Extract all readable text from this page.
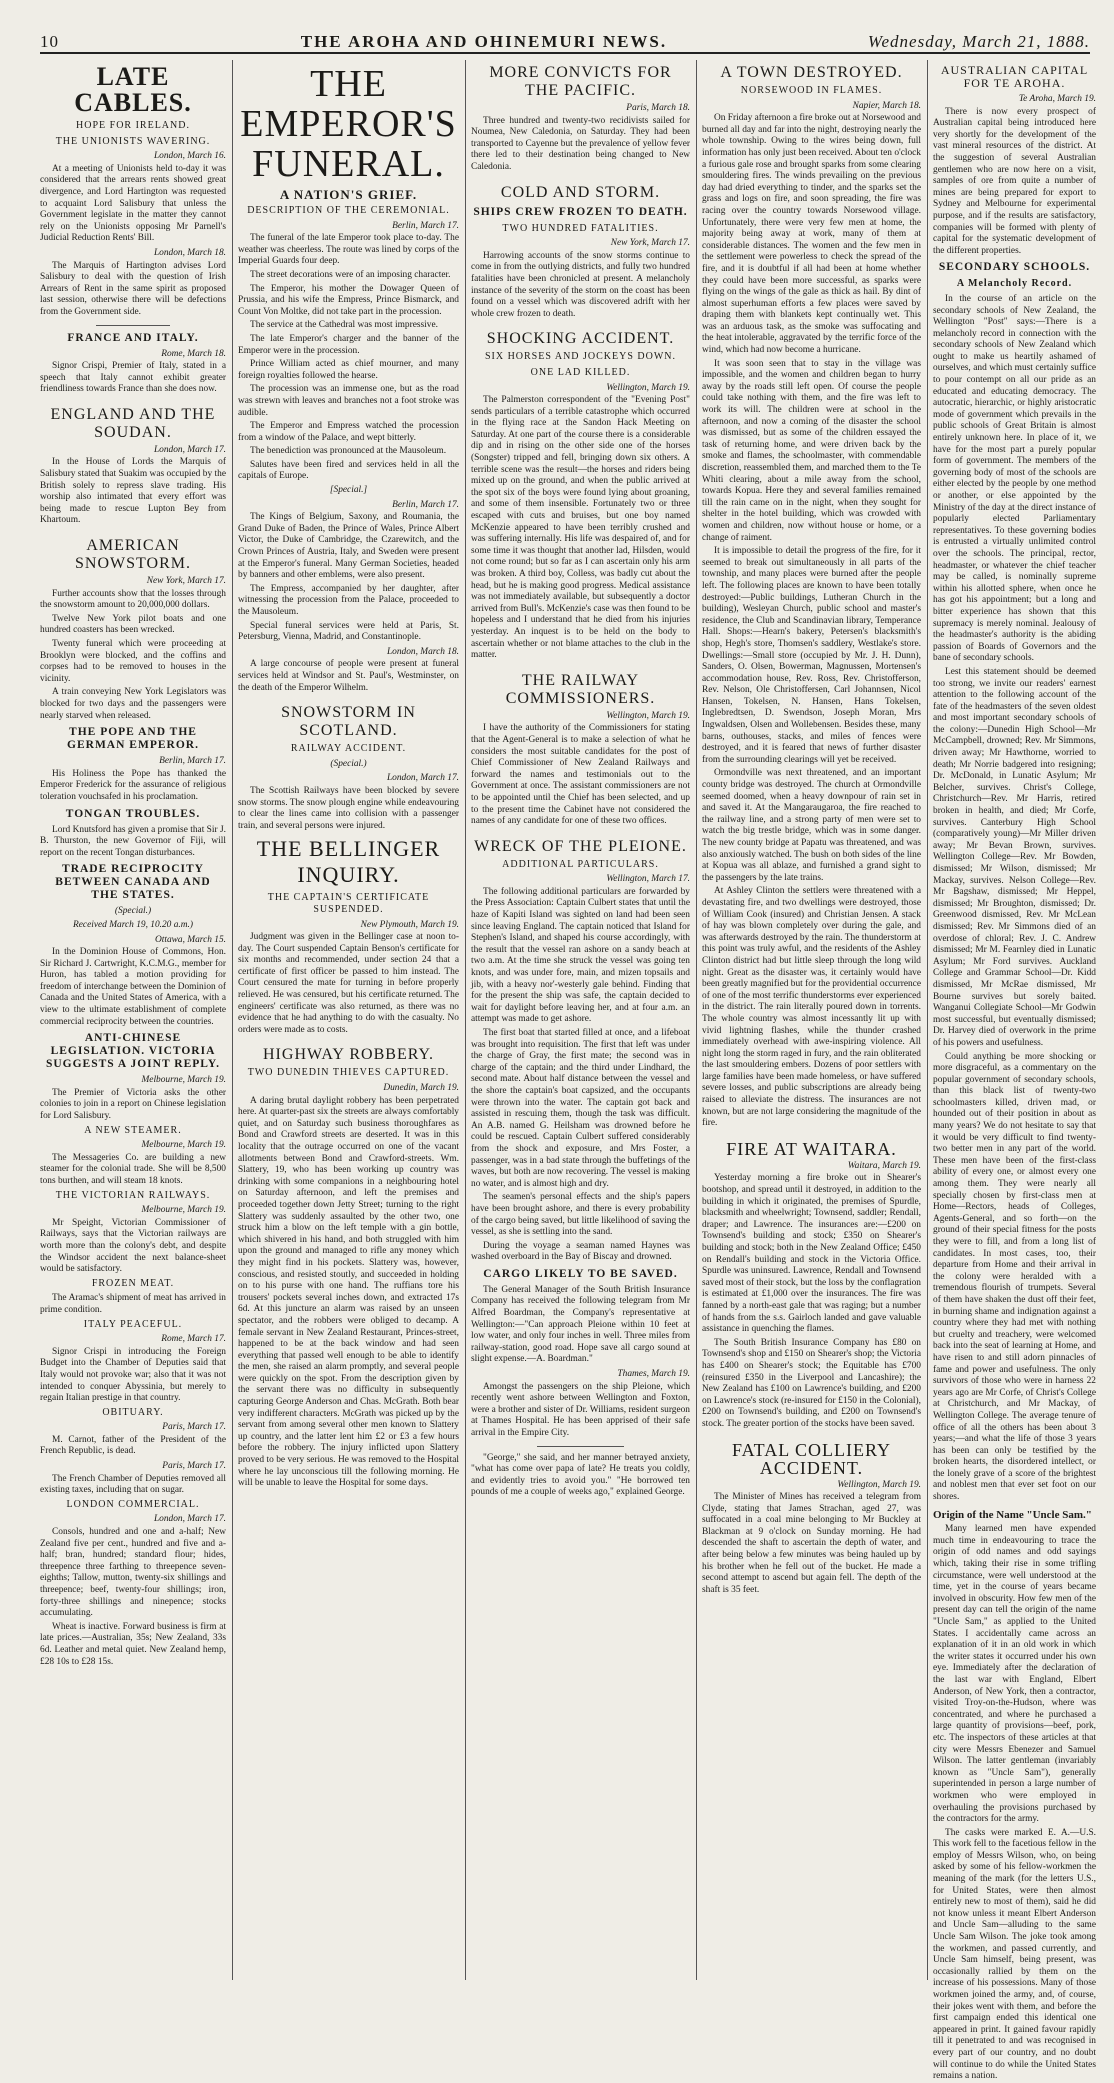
10	THE AROHA AND OHINEMURI NEWS.	Wednesday, March 21, 1888.
LATE CABLES.
HOPE FOR IRELAND.
THE UNIONISTS WAVERING.
London, March 16.

At a meeting of Unionists held to-day it was considered that the arrears rents showed great divergence, and Lord Hartington was requested to acquaint Lord Salisbury that unless the Government legislate in the matter they cannot rely on the Unionists opposing Mr Parnell's Judicial Reduction Rents' Bill.

London, March 18.

The Marquis of Hartington advises Lord Salisbury to deal with the question of Irish Arrears of Rent in the same spirit as proposed last session, otherwise there will be defections from the Government side.

FRANCE AND ITALY.
Rome, March 18.

Signor Crispi, Premier of Italy, stated in a speech that Italy cannot exhibit greater friendliness towards France than she does now.

ENGLAND AND THE SOUDAN.
London, March 17.

In the House of Lords the Marquis of Salisbury stated that Suakim was occupied by the British solely to repress slave trading. His worship also intimated that every effort was being made to rescue Lupton Bey from Khartoum.

AMERICAN SNOWSTORM.
New York, March 17.

Further accounts show that the losses through the snowstorm amount to 20,000,000 dollars.

Twelve New York pilot boats and one hundred coasters has been wrecked.

Twenty funeral which were proceeding at Brooklyn were blocked, and the coffins and corpses had to be removed to houses in the vicinity.

A train conveying New York Legislators was blocked for two days and the passengers were nearly starved when released.

THE POPE AND THE GERMAN EMPEROR.
Berlin, March 17.

His Holiness the Pope has thanked the Emperor Frederick for the assurance of religious toleration vouchsafed in his proclamation.

TONGAN TROUBLES.

Lord Knutsford has given a promise that Sir J. B. Thurston, the new Governor of Fiji, will report on the recent Tongan disturbances.

TRADE RECIPROCITY BETWEEN CANADA AND THE STATES.
(Special.)
Received March 19, 10.20 a.m.)
Ottawa, March 15.

In the Dominion House of Commons, Hon. Sir Richard J. Cartwright, K.C.M.G., member for Huron, has tabled a motion providing for freedom of interchange between the Dominion of Canada and the United States of America, with a view to the ultimate establishment of complete commercial reciprocity between the countries.

ANTI-CHINESE LEGISLATION. VICTORIA SUGGESTS A JOINT REPLY.
Melbourne, March 19.

The Premier of Victoria asks the other colonies to join in a report on Chinese legislation for Lord Salisbury.

A NEW STEAMER.
Melbourne, March 19.

The Messageries Co. are building a new steamer for the colonial trade. She will be 8,500 tons burthen, and will steam 18 knots.

THE VICTORIAN RAILWAYS.
Melbourne, March 19.

Mr Speight, Victorian Commissioner of Railways, says that the Victorian railways are worth more than the colony's debt, and despite the Windsor accident the next balance-sheet would be satisfactory.

FROZEN MEAT.

The Aramac's shipment of meat has arrived in prime condition.

ITALY PEACEFUL.
Rome, March 17.

Signor Crispi in introducing the Foreign Budget into the Chamber of Deputies said that Italy would not provoke war; also that it was not intended to conquer Abyssinia, but merely to regain Italian prestige in that country.

OBITUARY.
Paris, March 17.

M. Carnot, father of the President of the French Republic, is dead.

Paris, March 17.

The French Chamber of Deputies removed all existing taxes, including that on sugar.

LONDON COMMERCIAL.
London, March 17.

Consols, hundred and one and a-half; New Zealand five per cent., hundred and five and a-half; bran, hundred; standard flour; hides, threepence three farthing to threepence seven-eighths; Tallow, mutton, twenty-six shillings and threepence; beef, twenty-four shillings; iron, forty-three shillings and ninepence; stocks accumulating.

Wheat is inactive. Forward business is firm at late prices.—Australian, 35s; New Zealand, 33s 6d. Leather and metal quiet. New Zealand hemp, £28 10s to £28 15s.

THE EMPEROR'S FUNERAL.
A NATION'S GRIEF.
DESCRIPTION OF THE CEREMONIAL.
Berlin, March 17.

The funeral of the late Emperor took place to-day. The weather was cheerless. The route was lined by corps of the Imperial Guards four deep.

The street decorations were of an imposing character.

The Emperor, his mother the Dowager Queen of Prussia, and his wife the Empress, Prince Bismarck, and Count Von Moltke, did not take part in the procession.

The service at the Cathedral was most impressive.

The late Emperor's charger and the banner of the Emperor were in the procession.

Prince William acted as chief mourner, and many foreign royalties followed the hearse.

The procession was an immense one, but as the road was strewn with leaves and branches not a foot stroke was audible.

The Emperor and Empress watched the procession from a window of the Palace, and wept bitterly.

The benediction was pronounced at the Mausoleum.

Salutes have been fired and services held in all the capitals of Europe.

[Special.]
Berlin, March 17.

The Kings of Belgium, Saxony, and Roumania, the Grand Duke of Baden, the Prince of Wales, Prince Albert Victor, the Duke of Cambridge, the Czarewitch, and the Crown Princes of Austria, Italy, and Sweden were present at the Emperor's funeral. Many German Societies, headed by banners and other emblems, were also present.

The Empress, accompanied by her daughter, after witnessing the procession from the Palace, proceeded to the Mausoleum.

Special funeral services were held at Paris, St. Petersburg, Vienna, Madrid, and Constantinople.

London, March 18.

A large concourse of people were present at funeral services held at Windsor and St. Paul's, Westminster, on the death of the Emperor Wilhelm.

SNOWSTORM IN SCOTLAND.
RAILWAY ACCIDENT.
(Special.)
London, March 17.

The Scottish Railways have been blocked by severe snow storms. The snow plough engine while endeavouring to clear the lines came into collision with a passenger train, and several persons were injured.

THE BELLINGER INQUIRY.
THE CAPTAIN'S CERTIFICATE SUSPENDED.
New Plymouth, March 19.

Judgment was given in the Bellinger case at noon to-day. The Court suspended Captain Benson's certificate for six months and recommended, under section 24 that a certificate of first officer be passed to him instead. The Court censured the mate for turning in before properly relieved. He was censured, but his certificate returned. The engineers' certificate was also returned, as there was no evidence that he had anything to do with the casualty. No orders were made as to costs.

HIGHWAY ROBBERY.
TWO DUNEDIN THIEVES CAPTURED.
Dunedin, March 19.

A daring brutal daylight robbery has been perpetrated here. At quarter-past six the streets are always comfortably quiet, and on Saturday such business thoroughfares as Bond and Crawford streets are deserted. It was in this locality that the outrage occurred on one of the vacant allotments between Bond and Crawford-streets. Wm. Slattery, 19, who has been working up country was drinking with some companions in a neighbouring hotel on Saturday afternoon, and left the premises and proceeded together down Jetty Street; turning to the right Slattery was suddenly assaulted by the other two, one struck him a blow on the left temple with a gin bottle, which shivered in his hand, and both struggled with him upon the ground and managed to rifle any money which they might find in his pockets. Slattery was, however, conscious, and resisted stoutly, and succeeded in holding on to his purse with one hand. The ruffians tore his trousers' pockets several inches down, and extracted 17s 6d. At this juncture an alarm was raised by an unseen spectator, and the robbers were obliged to decamp. A female servant in New Zealand Restaurant, Princes-street, happened to be at the back window and had seen everything that passed well enough to be able to identify the men, she raised an alarm promptly, and several people were quickly on the spot. From the description given by the servant there was no difficulty in subsequently capturing George Anderson and Chas. McGrath. Both bear very indifferent characters. McGrath was picked up by the servant from among several other men known to Slattery up country, and the latter lent him £2 or £3 a few hours before the robbery. The injury inflicted upon Slattery proved to be very serious. He was removed to the Hospital where he lay unconscious till the following morning. He will be unable to leave the Hospital for some days.

MORE CONVICTS FOR THE PACIFIC.
Paris, March 18.

Three hundred and twenty-two recidivists sailed for Noumea, New Caledonia, on Saturday. They had been transported to Cayenne but the prevalence of yellow fever there led to their destination being changed to New Caledonia.

COLD AND STORM.
SHIPS CREW FROZEN TO DEATH.
TWO HUNDRED FATALITIES.
New York, March 17.

Harrowing accounts of the snow storms continue to come in from the outlying districts, and fully two hundred fatalities have been chronicled at present. A melancholy instance of the severity of the storm on the coast has been found on a vessel which was discovered adrift with her whole crew frozen to death.

SHOCKING ACCIDENT.
SIX HORSES AND JOCKEYS DOWN.
ONE LAD KILLED.
Wellington, March 19.

The Palmerston correspondent of the "Evening Post" sends particulars of a terrible catastrophe which occurred in the flying race at the Sandon Hack Meeting on Saturday. At one part of the course there is a considerable dip and in rising on the other side one of the horses (Songster) tripped and fell, bringing down six others. A terrible scene was the result—the horses and riders being mixed up on the ground, and when the public arrived at the spot six of the boys were found lying about groaning, and some of them insensible. Fortunately two or three escaped with cuts and bruises, but one boy named McKenzie appeared to have been terribly crushed and was suffering internally. His life was despaired of, and for some time it was thought that another lad, Hilsden, would not come round; but so far as I can ascertain only his arm was broken. A third boy, Colless, was badly cut about the head, but he is making good progress. Medical assistance was not immediately available, but subsequently a doctor arrived from Bull's. McKenzie's case was then found to be hopeless and I understand that he died from his injuries yesterday. An inquest is to be held on the body to ascertain whether or not blame attaches to the club in the matter.

THE RAILWAY COMMISSIONERS.
Wellington, March 19.

I have the authority of the Commissioners for stating that the Agent-General is to make a selection of what he considers the most suitable candidates for the post of Chief Commissioner of New Zealand Railways and forward the names and testimonials out to the Government at once. The assistant commissioners are not to be appointed until the Chief has been selected, and up to the present time the Cabinet have not considered the names of any candidate for one of these two offices.

WRECK OF THE PLEIONE.
ADDITIONAL PARTICULARS.
Wellington, March 17.

The following additional particulars are forwarded by the Press Association: Captain Culbert states that until the haze of Kapiti Island was sighted on land had been seen since leaving England. The captain noticed that Island for Stephen's Island, and shaped his course accordingly, with the result that the vessel ran ashore on a sandy beach at two a.m. At the time she struck the vessel was going ten knots, and was under fore, main, and mizen topsails and jib, with a heavy nor'-westerly gale behind. Finding that for the present the ship was safe, the captain decided to wait for daylight before leaving her, and at four a.m. an attempt was made to get ashore.

The first boat that started filled at once, and a lifeboat was brought into requisition. The first that left was under the charge of Gray, the first mate; the second was in charge of the captain; and the third under Lindhard, the second mate. About half distance between the vessel and the shore the captain's boat capsized, and the occupants were thrown into the water. The captain got back and assisted in rescuing them, though the task was difficult. An A.B. named G. Heilsham was drowned before he could be rescued. Captain Culbert suffered considerably from the shock and exposure, and Mrs Foster, a passenger, was in a bad state through the buffetings of the waves, but both are now recovering. The vessel is making no water, and is almost high and dry.

The seamen's personal effects and the ship's papers have been brought ashore, and there is every probability of the cargo being saved, but little likelihood of saving the vessel, as she is settling into the sand.

During the voyage a seaman named Haynes was washed overboard in the Bay of Biscay and drowned.

CARGO LIKELY TO BE SAVED.

The General Manager of the South British Insurance Company has received the following telegram from Mr Alfred Boardman, the Company's representative at Wellington:—"Can approach Pleione within 10 feet at low water, and only four inches in well. Three miles from railway-station, good road. Hope save all cargo sound at slight expense.—A. Boardman."

Thames, March 19.

Amongst the passengers on the ship Pleione, which recently went ashore between Wellington and Foxton, were a brother and sister of Dr. Williams, resident surgeon at Thames Hospital. He has been apprised of their safe arrival in the Empire City.

"George," she said, and her manner betrayed anxiety, "what has come over papa of late? He treats you coldly, and evidently tries to avoid you." "He borrowed ten pounds of me a couple of weeks ago," explained George.

A TOWN DESTROYED.
NORSEWOOD IN FLAMES.
Napier, March 18.

On Friday afternoon a fire broke out at Norsewood and burned all day and far into the night, destroying nearly the whole township. Owing to the wires being down, full information has only just been received. About ten o'clock a furious gale rose and brought sparks from some clearing smouldering fires. The winds prevailing on the previous day had dried everything to tinder, and the sparks set the grass and logs on fire, and soon spreading, the fire was racing over the country towards Norsewood village. Unfortunately, there were very few men at home, the majority being away at work, many of them at considerable distances. The women and the few men in the settlement were powerless to check the spread of the fire, and it is doubtful if all had been at home whether they could have been more successful, as sparks were flying on the wings of the gale as thick as hail. By dint of almost superhuman efforts a few places were saved by draping them with blankets kept continually wet. This was an arduous task, as the smoke was suffocating and the heat intolerable, aggravated by the terrific force of the wind, which had now become a hurricane.

It was soon seen that to stay in the village was impossible, and the women and children began to hurry away by the roads still left open. Of course the people could take nothing with them, and the fire was left to work its will. The children were at school in the afternoon, and now a coming of the disaster the school was dismissed, but as some of the children essayed the task of returning home, and were driven back by the smoke and flames, the schoolmaster, with commendable discretion, reassembled them, and marched them to the Te Whiti clearing, about a mile away from the school, towards Kopua. Here they and several families remained till the rain came on in the night, when they sought for shelter in the hotel building, which was crowded with women and children, now without house or home, or a change of raiment.

It is impossible to detail the progress of the fire, for it seemed to break out simultaneously in all parts of the township, and many places were burned after the people left. The following places are known to have been totally destroyed:—Public buildings, Lutheran Church in the building), Wesleyan Church, public school and master's residence, the Club and Scandinavian library, Temperance Hall. Shops:—Hearn's bakery, Petersen's blacksmith's shop, Hegh's store, Thomsen's saddlery, Westlake's store. Dwellings:—Small store (occupied by Mr. J. H. Dunn), Sanders, O. Olsen, Bowerman, Magnussen, Mortensen's accommodation house, Rev. Ross, Rev. Christofferson, Rev. Nelson, Ole Christoffersen, Carl Johannsen, Nicol Hansen, Tokelsen, N. Hansen, Hans Tokelsen, Inglebredtsen, D. Swendson, Joseph Moran, Mrs Ingwaldsen, Olsen and Wollebensen. Besides these, many barns, outhouses, stacks, and miles of fences were destroyed, and it is feared that news of further disaster from the surrounding clearings will yet be received.

Ormondville was next threatened, and an important county bridge was destroyed. The church at Ormondville seemed doomed, when a heavy downpour of rain set in and saved it. At the Mangaraugaroa, the fire reached to the railway line, and a strong party of men were set to watch the big trestle bridge, which was in some danger. The new county bridge at Papatu was threatened, and was also anxiously watched. The bush on both sides of the line at Kopua was all ablaze, and furnished a grand sight to the passengers by the late trains.

At Ashley Clinton the settlers were threatened with a devastating fire, and two dwellings were destroyed, those of William Cook (insured) and Christian Jensen. A stack of hay was blown completely over during the gale, and was afterwards destroyed by the rain. The thunderstorm at this point was truly awful, and the residents of the Ashley Clinton district had but little sleep through the long wild night. Great as the disaster was, it certainly would have been greatly magnified but for the providential occurrence of one of the most terrific thunderstorms ever experienced in the district. The rain literally poured down in torrents. The whole country was almost incessantly lit up with vivid lightning flashes, while the thunder crashed immediately overhead with awe-inspiring violence. All night long the storm raged in fury, and the rain obliterated the last smouldering embers. Dozens of poor settlers with large families have been made homeless, or have suffered severe losses, and public subscriptions are already being raised to alleviate the distress. The insurances are not known, but are not large considering the magnitude of the fire.

FIRE AT WAITARA.
Waitara, March 19.

Yesterday morning a fire broke out in Shearer's bootshop, and spread until it destroyed, in addition to the building in which it originated, the premises of Spurdle, blacksmith and wheelwright; Townsend, saddler; Rendall, draper; and Lawrence. The insurances are:—£200 on Townsend's building and stock; £350 on Shearer's building and stock; both in the New Zealand Office; £450 on Rendall's building and stock in the Victoria Office. Spurdle was uninsured. Lawrence, Rendall and Townsend saved most of their stock, but the loss by the conflagration is estimated at £1,000 over the insurances. The fire was fanned by a north-east gale that was raging; but a number of hands from the s.s. Gairloch landed and gave valuable assistance in quenching the flames.

The South British Insurance Company has £80 on Townsend's shop and £150 on Shearer's shop; the Victoria has £400 on Shearer's stock; the Equitable has £700 (reinsured £350 in the Liverpool and Lancashire); the New Zealand has £100 on Lawrence's building, and £200 on Lawrence's stock (re-insured for £150 in the Colonial), £200 on Townsend's building, and £200 on Townsend's stock. The greater portion of the stocks have been saved.

FATAL COLLIERY ACCIDENT.
Wellington, March 19.

The Minister of Mines has received a telegram from Clyde, stating that James Strachan, aged 27, was suffocated in a coal mine belonging to Mr Buckley at Blackman at 9 o'clock on Sunday morning. He had descended the shaft to ascertain the depth of water, and after being below a few minutes was being hauled up by his brother when he fell out of the bucket. He made a second attempt to ascend but again fell. The depth of the shaft is 35 feet.

AUSTRALIAN CAPITAL FOR TE AROHA.
Te Aroha, March 19.

There is now every prospect of Australian capital being introduced here very shortly for the development of the vast mineral resources of the district. At the suggestion of several Australian gentlemen who are now here on a visit, samples of ore from quite a number of mines are being prepared for export to Sydney and Melbourne for experimental purpose, and if the results are satisfactory, companies will be formed with plenty of capital for the systematic development of the different properties.

SECONDARY SCHOOLS.
A Melancholy Record.

In the course of an article on the secondary schools of New Zealand, the Wellington "Post" says:—There is a melancholy record in connection with the secondary schools of New Zealand which ought to make us heartily ashamed of ourselves, and which must certainly suffice to pour contempt on all our pride as an educated and educating democracy. The autocratic, hierarchic, or highly aristocratic mode of government which prevails in the public schools of Great Britain is almost entirely unknown here. In place of it, we have for the most part a purely popular form of government. The members of the governing body of most of the schools are either elected by the people by one method or another, or else appointed by the Ministry of the day at the direct instance of popularly elected Parliamentary representatives. To these governing bodies is entrusted a virtually unlimited control over the schools. The principal, rector, headmaster, or whatever the chief teacher may be called, is nominally supreme within his allotted sphere, when once he has got his appointment; but a long and bitter experience has shown that this supremacy is merely nominal. Jealousy of the headmaster's authority is the abiding passion of Boards of Governors and the bane of secondary schools.

Lest this statement should be deemed too strong, we invite our readers' earnest attention to the following account of the fate of the headmasters of the seven oldest and most important secondary schools of the colony:—Dunedin High School—Mr McCampbell, drowned; Rev. Mr Simmons, driven away; Mr Hawthorne, worried to death; Mr Norrie badgered into resigning; Dr. McDonald, in Lunatic Asylum; Mr Belcher, survives. Christ's College, Christchurch—Rev. Mr Harris, retired broken in health, and died; Mr Corfe, survives. Canterbury High School (comparatively young)—Mr Miller driven away; Mr Bevan Brown, survives. Wellington College—Rev. Mr Bowden, dismissed; Mr Wilson, dismissed; Mr Mackay, survives. Nelson College—Rev. Mr Bagshaw, dismissed; Mr Heppel, dismissed; Mr Broughton, dismissed; Dr. Greenwood dismissed, Rev. Mr McLean dismissed; Rev. Mr Simmons died of an overdose of chloral; Rev. J. C. Andrew dismissed; Mr M. Fearnley died in Lunatic Asylum; Mr Ford survives. Auckland College and Grammar School—Dr. Kidd dismissed, Mr McRae dismissed, Mr Bourne survives but sorely baited. Wanganui Collegiate School—Mr Godwin most successful, but eventually dismissed; Dr. Harvey died of overwork in the prime of his powers and usefulness.

Could anything be more shocking or more disgraceful, as a commentary on the popular government of secondary schools, than this black list of twenty-two schoolmasters killed, driven mad, or hounded out of their position in about as many years? We do not hesitate to say that it would be very difficult to find twenty-two better men in any part of the world. These men have been of the first-class ability of every one, or almost every one among them. They were nearly all specially chosen by first-class men at Home—Rectors, heads of Colleges, Agents-General, and so forth—on the ground of their special fitness for the posts they were to fill, and from a long list of candidates. In most cases, too, their departure from Home and their arrival in the colony were heralded with a tremendous flourish of trumpets. Several of them have shaken the dust off their feet, in burning shame and indignation against a country where they had met with nothing but cruelty and treachery, were welcomed back into the seat of learning at Home, and have risen to and still adorn pinnacles of fame and power and usefulness. The only survivors of those who were in harness 22 years ago are Mr Corfe, of Christ's College at Christchurch, and Mr Mackay, of Wellington College. The average tenure of office of all the others has been about 3 years;—and what the life of those 3 years has been can only be testified by the broken hearts, the disordered intellect, or the lonely grave of a score of the brightest and noblest men that ever set foot on our shores.

Origin of the Name "Uncle Sam."

Many learned men have expended much time in endeavouring to trace the origin of odd names and odd sayings which, taking their rise in some trifling circumstance, were well understood at the time, yet in the course of years became involved in obscurity. How few men of the present day can tell the origin of the name "Uncle Sam," as applied to the United States. I accidentally came across an explanation of it in an old work in which the writer states it occurred under his own eye. Immediately after the declaration of the last war with England, Elbert Anderson, of New York, then a contractor, visited Troy-on-the-Hudson, where was concentrated, and where he purchased a large quantity of provisions—beef, pork, etc. The inspectors of these articles at that city were Messrs Ebenezer and Samuel Wilson. The latter gentleman (invariably known as "Uncle Sam"), generally superintended in person a large number of workmen who were employed in overhauling the provisions purchased by the contractors for the army.

The casks were marked E. A.—U.S. This work fell to the facetious fellow in the employ of Messrs Wilson, who, on being asked by some of his fellow-workmen the meaning of the mark (for the letters U.S., for United States, were then almost entirely new to most of them), said he did not know unless it meant Elbert Anderson and Uncle Sam—alluding to the same Uncle Sam Wilson. The joke took among the workmen, and passed currently, and Uncle Sam himself, being present, was occasionally rallied by them on the increase of his possessions. Many of those workmen joined the army, and, of course, their jokes went with them, and before the first campaign ended this identical one appeared in print. It gained favour rapidly till it penetrated to and was recognised in every part of our country, and no doubt will continue to do while the United States remains a nation.
